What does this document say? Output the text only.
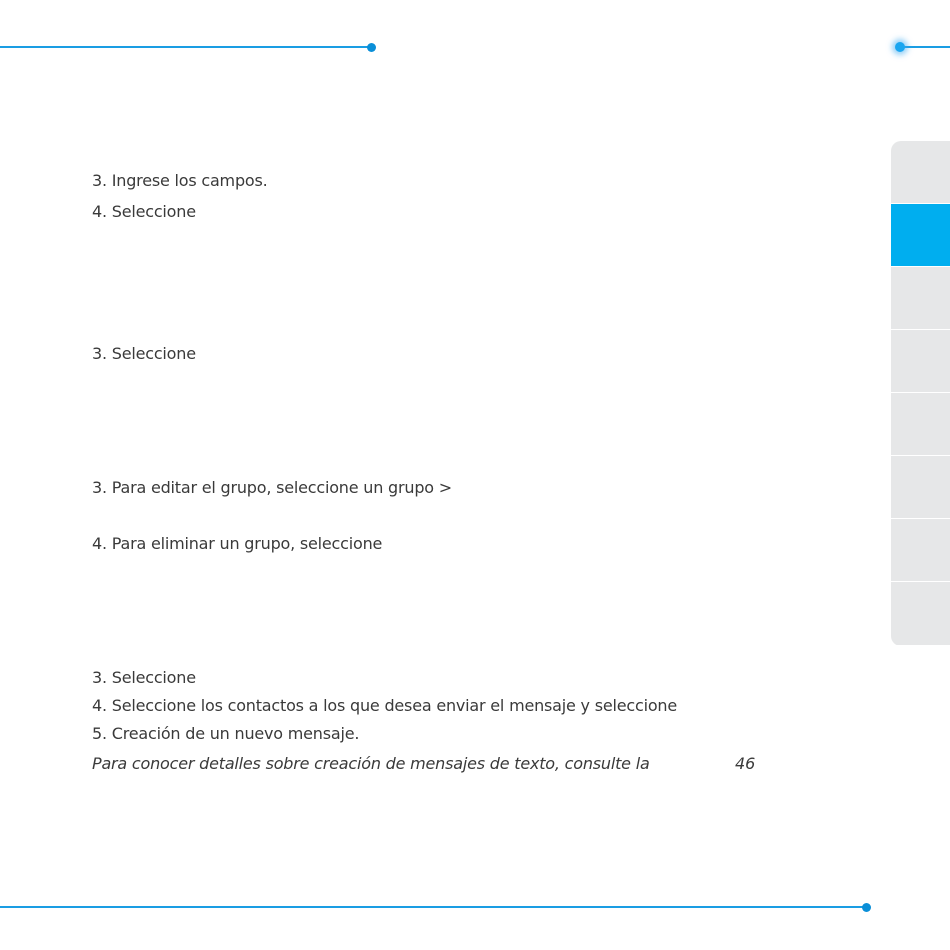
3. Ingrese los campos.
4. Seleccione
3. Seleccione
3. Para editar el grupo, seleccione un grupo >
4. Para eliminar un grupo, seleccione
3. Seleccione
4. Seleccione los contactos a los que desea enviar el mensaje y seleccione
5. Creación de un nuevo mensaje.
Para conocer detalles sobre creación de mensajes de texto, consulte la	46
